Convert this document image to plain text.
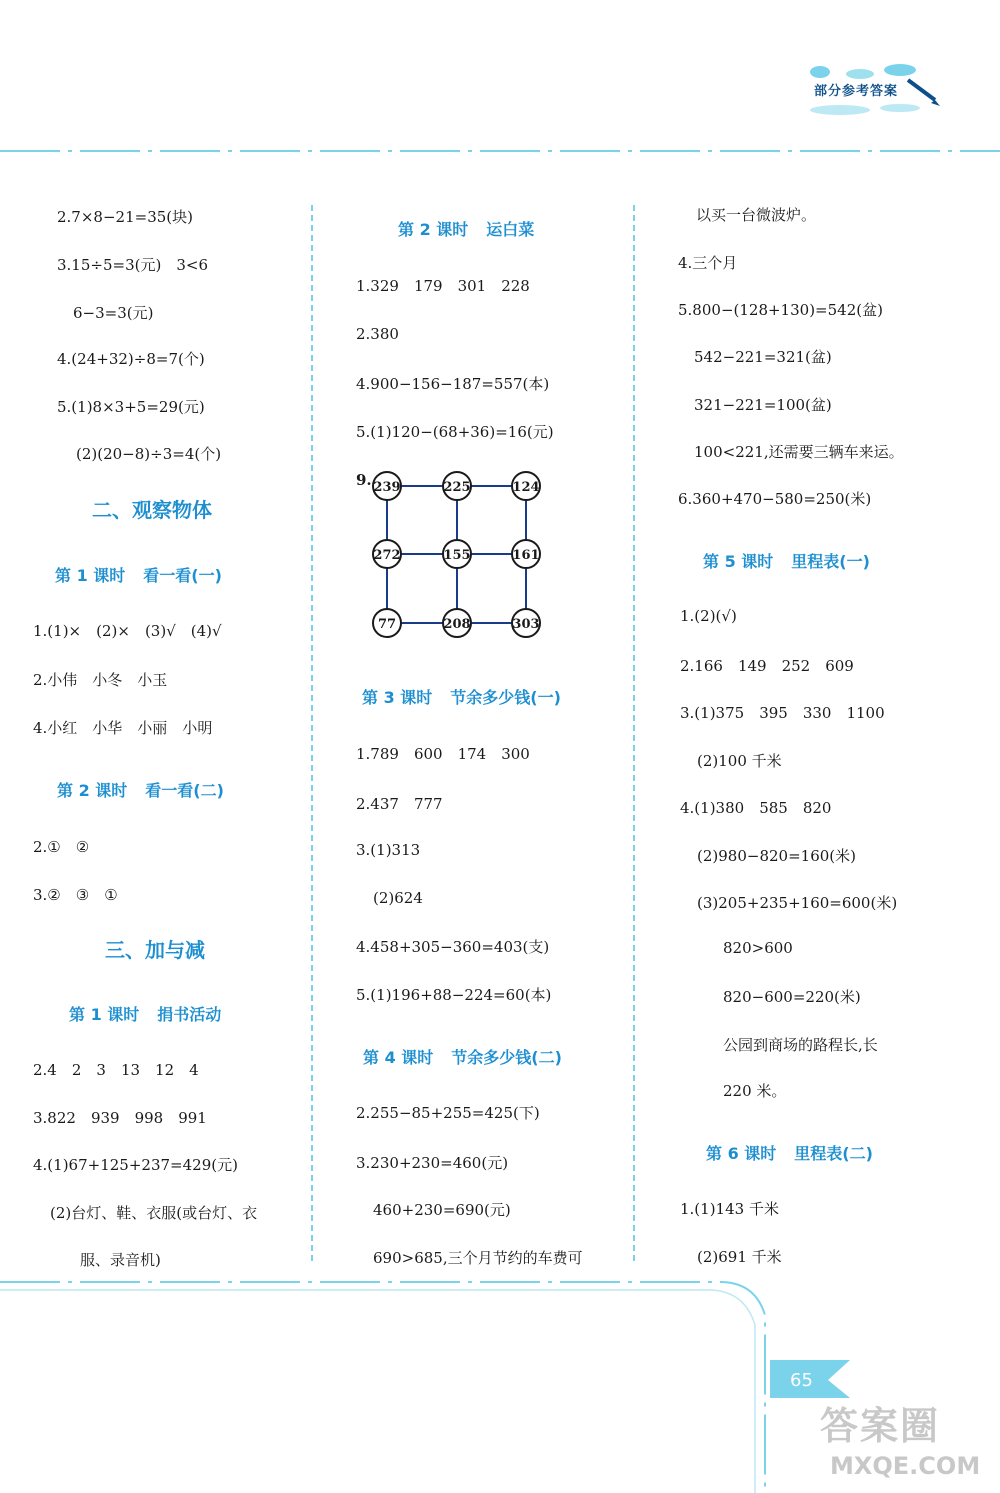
部分参考答案
2.7×8−21=35(块)
3.15÷5=3(元)　3<6
6−3=3(元)
4.(24+32)÷8=7(个)
5.(1)8×3+5=29(元)
(2)(20−8)÷3=4(个)
二、观察物体
第 1 课时 看一看(一)
1.(1)×　(2)×　(3)√　(4)√
2.小伟　小冬　小玉
4.小红　小华　小丽　小明
第 2 课时 看一看(二)
2.①　②
3.②　③　①
三、加与减
第 1 课时 捐书活动
2.4　2　3　13　12　4
3.822　939　998　991
4.(1)67+125+237=429(元)
(2)台灯、鞋、衣服(或台灯、衣
服、录音机)
第 2 课时 运白菜
1.329　179　301　228
2.380
4.900−156−187=557(本)
5.(1)120−(68+36)=16(元)
9. 239	225	124
272	155	161
77	208	303
第 3 课时 节余多少钱(一)
1.789　600　174　300
2.437　777
3.(1)313
(2)624
4.458+305−360=403(支)
5.(1)196+88−224=60(本)
第 4 课时 节余多少钱(二)
2.255−85+255=425(下)
3.230+230=460(元)
460+230=690(元)
690>685,三个月节约的车费可
以买一台微波炉。
4.三个月
5.800−(128+130)=542(盆)
542−221=321(盆)
321−221=100(盆)
100<221,还需要三辆车来运。
6.360+470−580=250(米)
第 5 课时 里程表(一)
1.(2)(√)
2.166　149　252　609
3.(1)375　395　330　1100
(2)100 千米
4.(1)380　585　820
(2)980−820=160(米)
(3)205+235+160=600(米)
820>600
820−600=220(米)
公园到商场的路程长,长
220 米。
第 6 课时 里程表(二)
1.(1)143 千米
(2)691 千米
65
答案圈
MXQE.COM
